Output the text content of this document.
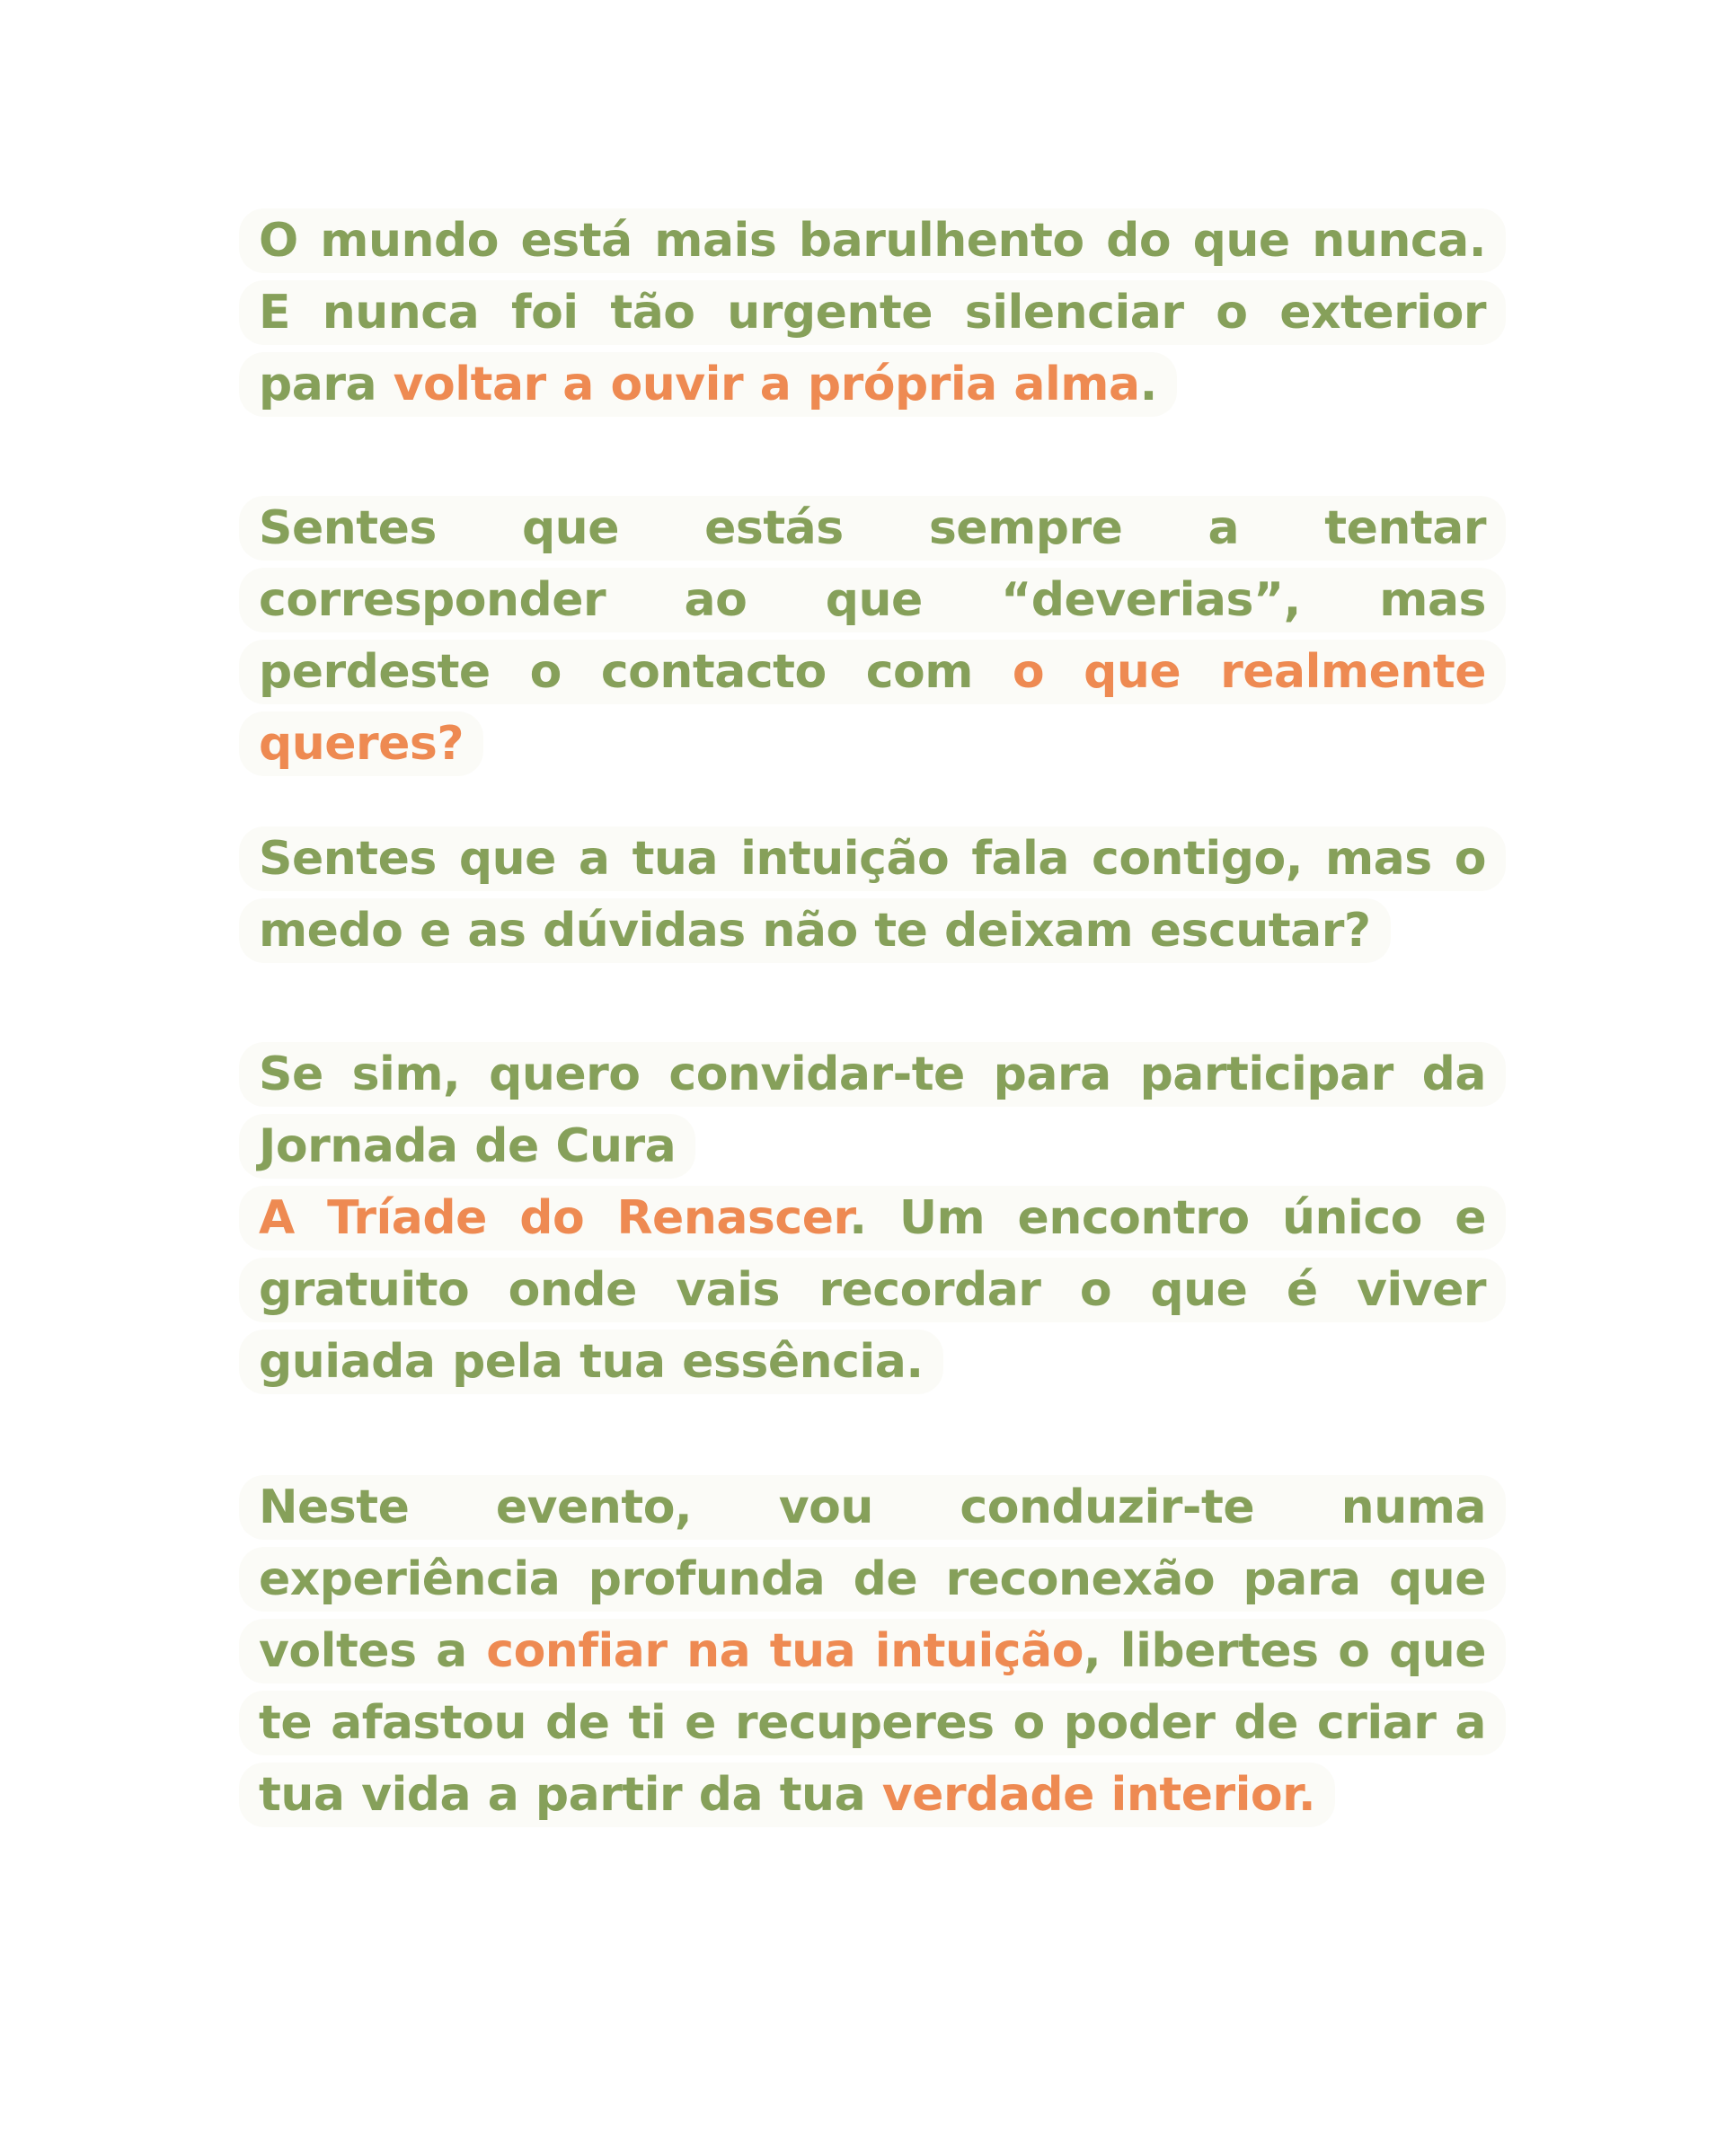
O mundo está mais barulhento do que nunca. E nunca foi tão urgente silenciar o exterior para voltar a ouvir a própria alma.
Sentes que estás sempre a tentar corresponder ao que “deverias”, mas perdeste o contacto com o que realmente queres?
Sentes que a tua intuição fala contigo, mas o medo e as dúvidas não te deixam escutar?
Se sim, quero convidar-te para participar da Jornada de Cura
A Tríade do Renascer. Um encontro único e gratuito onde vais recordar o que é viver guiada pela tua essência.
Neste evento, vou conduzir-te numa experiência profunda de reconexão para que voltes a confiar na tua intuição, libertes o que te afastou de ti e recuperes o poder de criar a tua vida a partir da tua verdade interior.
